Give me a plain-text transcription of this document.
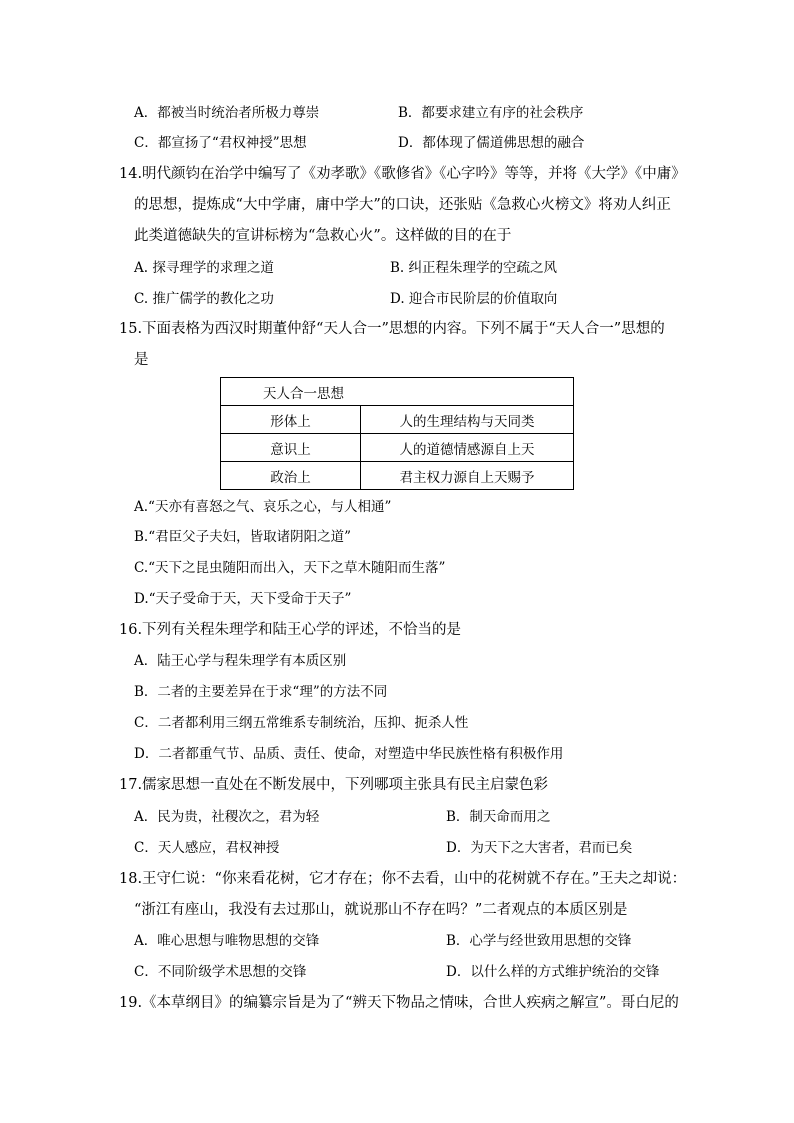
A．都被当时统治者所极力尊崇	B．都要求建立有序的社会秩序
C．都宣扬了“君权神授”思想	D．都体现了儒道佛思想的融合
14.明代颜钧在治学中编写了《劝孝歌》《歌修省》《心字吟》等等，并将《大学》《中庸》
的思想，提炼成“大中学庸，庸中学大”的口诀，还张贴《急救心火榜文》将劝人纠正
此类道德缺失的宣讲标榜为“急救心火”。这样做的目的在于
A. 探寻理学的求理之道	B. 纠正程朱理学的空疏之风
C. 推广儒学的教化之功	D. 迎合市民阶层的价值取向
15.下面表格为西汉时期董仲舒“天人合一”思想的内容。下列不属于“天人合一”思想的
是
天人合一思想	
形体上	人的生理结构与天同类
意识上	人的道德情感源自上天
政治上	君主权力源自上天赐予
A.“天亦有喜怒之气、哀乐之心，与人相通”
B.“君臣父子夫妇，皆取诸阴阳之道”
C.“天下之昆虫随阳而出入，天下之草木随阳而生落”
D.“天子受命于天，天下受命于天子”
16.下列有关程朱理学和陆王心学的评述，不恰当的是
A．陆王心学与程朱理学有本质区别
B．二者的主要差异在于求“理”的方法不同
C．二者都利用三纲五常维系专制统治，压抑、扼杀人性
D．二者都重气节、品质、责任、使命，对塑造中华民族性格有积极作用
17.儒家思想一直处在不断发展中，下列哪项主张具有民主启蒙色彩
A．民为贵，社稷次之，君为轻	B．制天命而用之
C．天人感应，君权神授	D．为天下之大害者，君而已矣
18.王守仁说：“你来看花树，它才存在；你不去看，山中的花树就不存在。”王夫之却说：
“浙江有座山，我没有去过那山，就说那山不存在吗？”二者观点的本质区别是
A．唯心思想与唯物思想的交锋	B．心学与经世致用思想的交锋
C．不同阶级学术思想的交锋	D．以什么样的方式维护统治的交锋
19.《本草纲目》的编纂宗旨是为了“辨天下物品之情味，合世人疾病之解宣”。哥白尼的
